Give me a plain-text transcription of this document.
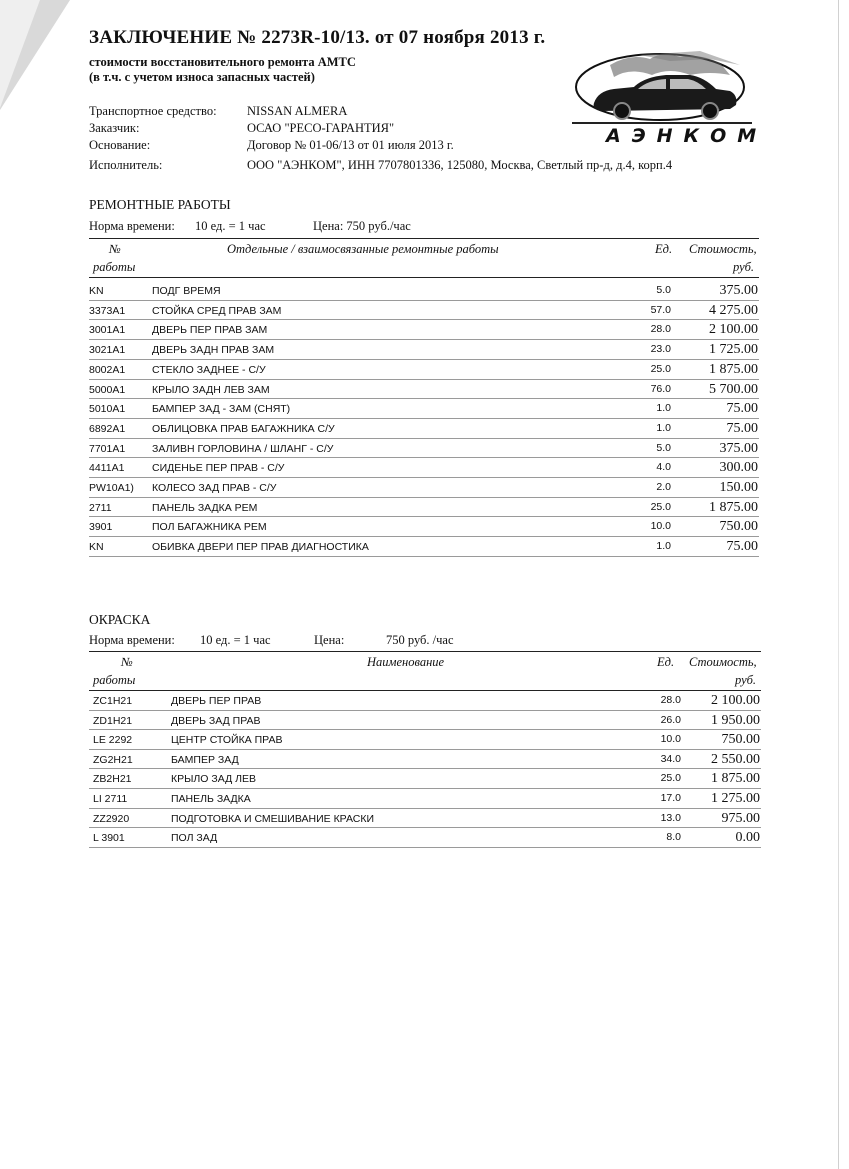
ЗАКЛЮЧЕНИЕ № 2273R-10/13. от 07 ноября 2013 г.
стоимости восстановительного ремонта АМТС
(в т.ч. с учетом износа запасных частей)
Транспортное средство: NISSAN ALMERA
Заказчик:	ОСАО "РЕСО-ГАРАНТИЯ"
Основание:	Договор № 01-06/13 от 01 июля 2013 г.
Исполнитель:	ООО "АЭНКОМ", ИНН 7707801336, 125080, Москва, Светлый пр-д, д.4, корп.4
АЭНКОМ
РЕМОНТНЫЕ РАБОТЫ
Норма времени: 10 ед. = 1 час	Цена: 750 руб./час
№
работы
Отдельные / взаимосвязанные ремонтные работы	Ед. Стоимость,
руб.
KN	ПОДГ ВРЕМЯ	5.0	375.00
3373A1	СТОЙКА СРЕД ПРАВ ЗАМ	57.0	4 275.00
3001A1	ДВЕРЬ ПЕР ПРАВ ЗАМ	28.0	2 100.00
3021A1	ДВЕРЬ ЗАДН ПРАВ ЗАМ	23.0	1 725.00
8002A1	СТЕКЛО ЗАДНЕЕ - С/У	25.0	1 875.00
5000A1	КРЫЛО ЗАДН ЛЕВ ЗАМ	76.0	5 700.00
5010A1	БАМПЕР ЗАД - ЗАМ (СНЯТ)	1.0	75.00
6892A1	ОБЛИЦОВКА ПРАВ БАГАЖНИКА С/У	1.0	75.00
7701A1	ЗАЛИВН ГОРЛОВИНА / ШЛАНГ - С/У	5.0	375.00
4411A1	СИДЕНЬЕ ПЕР ПРАВ - С/У	4.0	300.00
PW10A1) КОЛЕСО ЗАД ПРАВ - С/У	2.0	150.00
2711	ПАНЕЛЬ ЗАДКА РЕМ	25.0	1 875.00
3901	ПОЛ БАГАЖНИКА РЕМ	10.0	750.00
KN	ОБИВКА ДВЕРИ ПЕР ПРАВ ДИАГНОСТИКА	1.0	75.00
ОКРАСКА
Норма времени: 10 ед. = 1 час	Цена:	750 руб. /час
№
работы
Наименование	Ед. Стоимость,
руб.
ZC1H21	ДВЕРЬ ПЕР ПРАВ	28.0	2 100.00
ZD1H21	ДВЕРЬ ЗАД ПРАВ	26.0	1 950.00
LE 2292	ЦЕНТР СТОЙКА ПРАВ	10.0	750.00
ZG2H21	БАМПЕР ЗАД	34.0	2 550.00
ZB2H21	КРЫЛО ЗАД ЛЕВ	25.0	1 875.00
LI 2711	ПАНЕЛЬ ЗАДКА	17.0	1 275.00
ZZ2920	ПОДГОТОВКА И СМЕШИВАНИЕ КРАСКИ	13.0	975.00
L 3901	ПОЛ ЗАД	8.0	0.00
